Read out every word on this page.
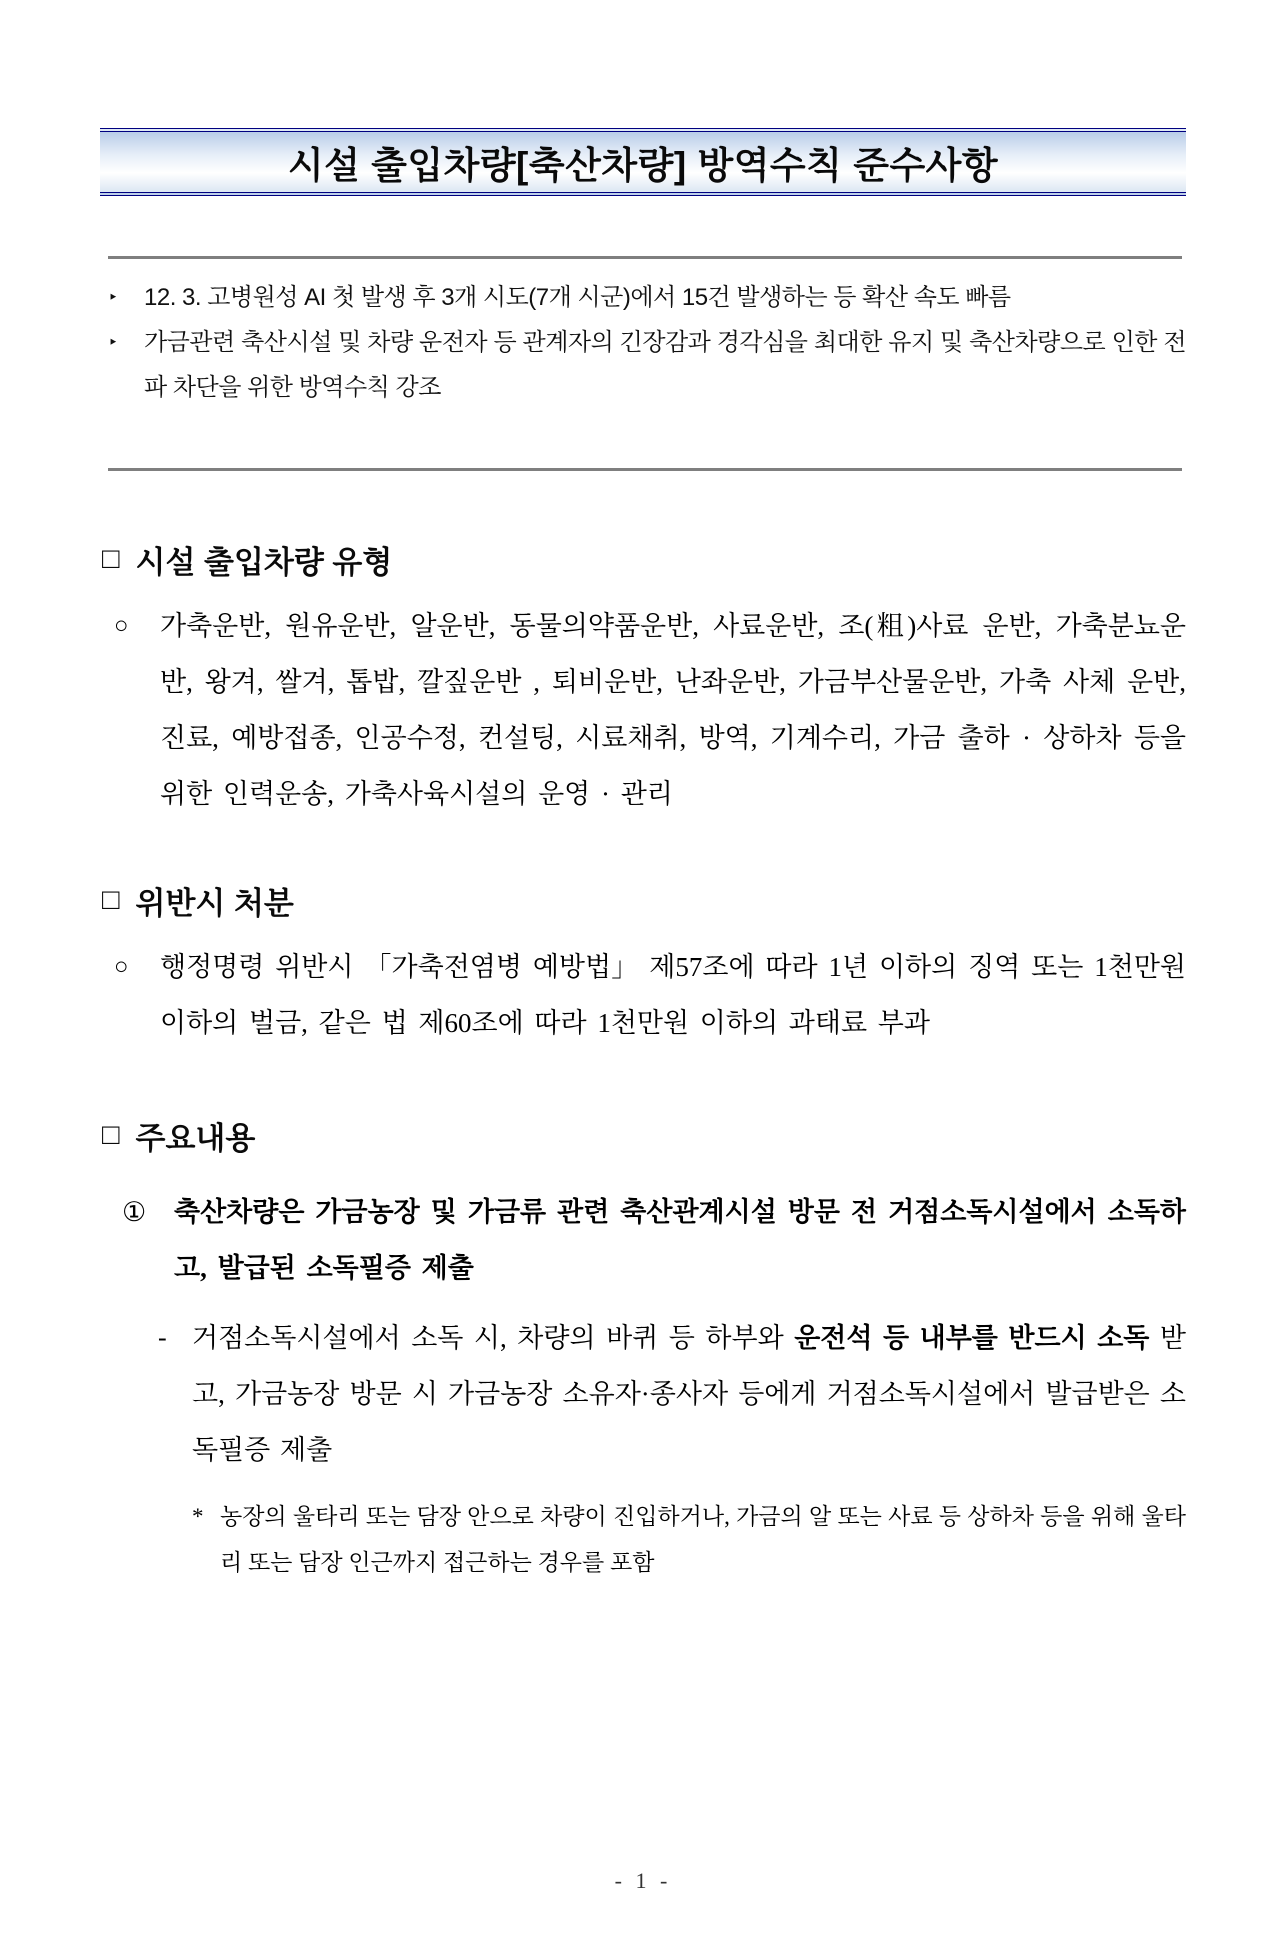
시설 출입차량[축산차량] 방역수칙 준수사항
‣	12. 3. 고병원성 AI 첫 발생 후 3개 시도(7개 시군)에서 15건 발생하는 등 확산 속도 빠름
‣	가금관련 축산시설 및 차량 운전자 등 관계자의 긴장감과 경각심을 최대한 유지 및 축산차량으로 인한 전파 차단을 위한 방역수칙 강조
□ 시설 출입차량 유형
○	가축운반, 원유운반, 알운반, 동물의약품운반, 사료운반, 조(粗)사료 운반, 가축분뇨운반, 왕겨, 쌀겨, 톱밥, 깔짚운반 , 퇴비운반, 난좌운반, 가금부산물운반, 가축 사체 운반, 진료, 예방접종, 인공수정, 컨설팅, 시료채취, 방역, 기계수리, 가금 출하 · 상하차 등을 위한 인력운송, 가축사육시설의 운영 · 관리
□ 위반시 처분
○	행정명령 위반시 「가축전염병 예방법」 제57조에 따라 1년 이하의 징역 또는 1천만원 이하의 벌금, 같은 법 제60조에 따라 1천만원 이하의 과태료 부과
□ 주요내용
①	축산차량은 가금농장 및 가금류 관련 축산관계시설 방문 전 거점소독시설에서 소독하고, 발급된 소독필증 제출
- 거점소독시설에서 소독 시, 차량의 바퀴 등 하부와 운전석 등 내부를 반드시 소독 받고, 가금농장 방문 시 가금농장 소유자·종사자 등에게 거점소독시설에서 발급받은 소독필증 제출
* 농장의 울타리 또는 담장 안으로 차량이 진입하거나, 가금의 알 또는 사료 등 상하차 등을 위해 울타리 또는 담장 인근까지 접근하는 경우를 포함
- 1 -
